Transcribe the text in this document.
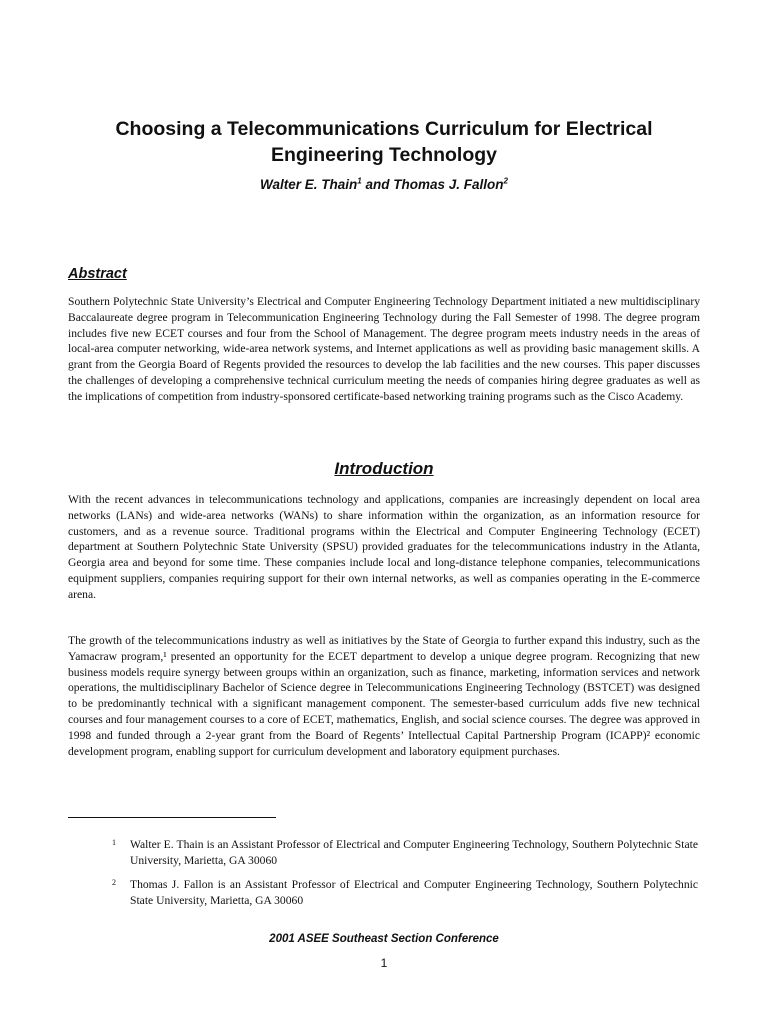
Choosing a Telecommunications Curriculum for Electrical Engineering Technology
Walter E. Thain$^1$ and Thomas J. Fallon$^2$
Abstract

Southern Polytechnic State University’s Electrical and Computer Engineering Technology Department initiated a new multidisciplinary Baccalaureate degree program in Telecommunication Engineering Technology during the Fall Semester of 1998. The degree program includes five new ECET courses and four from the School of Management. The degree program meets industry needs in the areas of local-area computer networking, wide-area network systems, and Internet applications as well as providing basic management skills. A grant from the Georgia Board of Regents provided the resources to develop the lab facilities and the new courses. This paper discusses the challenges of developing a comprehensive technical curriculum meeting the needs of companies hiring degree graduates as well as the implications of competition from industry-sponsored certificate-based networking training programs such as the Cisco Academy.

Introduction

With the recent advances in telecommunications technology and applications, companies are increasingly dependent on local area networks (LANs) and wide-area networks (WANs) to share information within the organization, as an information resource for customers, and as a revenue source. Traditional programs within the Electrical and Computer Engineering Technology (ECET) department at Southern Polytechnic State University (SPSU) provided graduates for the telecommunications industry in the Atlanta, Georgia area and beyond for some time. These companies include local and long-distance telephone companies, telecommunications equipment suppliers, companies requiring support for their own internal networks, as well as companies operating in the E-commerce arena.

The growth of the telecommunications industry as well as initiatives by the State of Georgia to further expand this industry, such as the Yamacraw program,¹ presented an opportunity for the ECET department to develop a unique degree program. Recognizing that new business models require synergy between groups within an organization, such as finance, marketing, information services and network operations, the multidisciplinary Bachelor of Science degree in Telecommunications Engineering Technology (BSTCET) was designed to be predominantly technical with a significant management component. The semester-based curriculum adds five new technical courses and four management courses to a core of ECET, mathematics, English, and social science courses. The degree was approved in 1998 and funded through a 2-year grant from the Board of Regents’ Intellectual Capital Partnership Program (ICAPP)² economic development program, enabling support for curriculum development and laboratory equipment purchases.

1 Walter E. Thain is an Assistant Professor of Electrical and Computer Engineering Technology, Southern Polytechnic State University, Marietta, GA 30060
2 Thomas J. Fallon is an Assistant Professor of Electrical and Computer Engineering Technology, Southern Polytechnic State University, Marietta, GA 30060
2001 ASEE Southeast Section Conference
1
